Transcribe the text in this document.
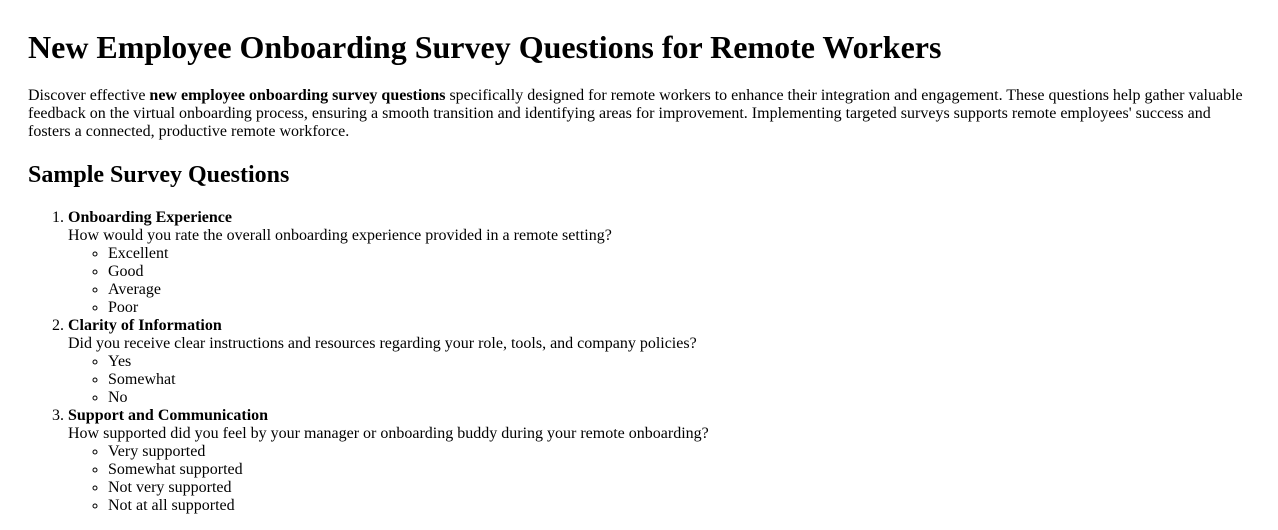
New Employee Onboarding Survey Questions for Remote Workers

Discover effective new employee onboarding survey questions specifically designed for remote workers to enhance their integration and engagement. These questions help gather valuable feedback on the virtual onboarding process, ensuring a smooth transition and identifying areas for improvement. Implementing targeted surveys supports remote employees' success and fosters a connected, productive remote workforce.

Sample Survey Questions
1. Onboarding Experience
How would you rate the overall onboarding experience provided in a remote setting?
◦ Excellent
◦ Good
◦ Average
◦ Poor
2. Clarity of Information
Did you receive clear instructions and resources regarding your role, tools, and company policies?
◦ Yes
◦ Somewhat
◦ No
3. Support and Communication
How supported did you feel by your manager or onboarding buddy during your remote onboarding?
◦ Very supported
◦ Somewhat supported
◦ Not very supported
◦ Not at all supported
